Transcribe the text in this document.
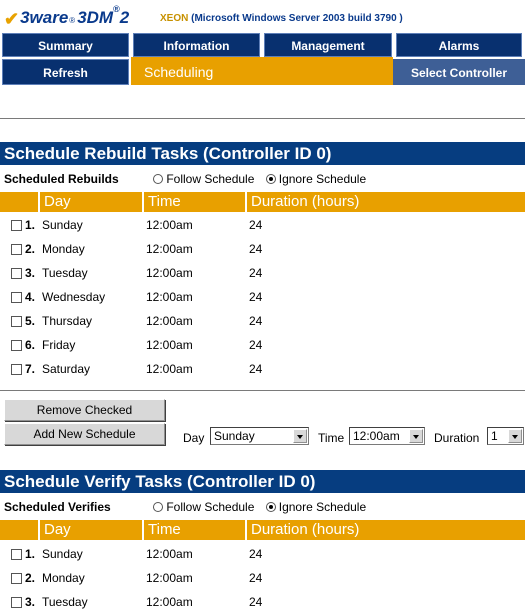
✔ 3ware ® 3DM ® 2	XEON (Microsoft Windows Server 2003 build 3790 )
Summary	Information	Management	Alarms
Refresh	Scheduling	Select Controller
Schedule Rebuild Tasks (Controller ID 0)
Scheduled Rebuilds	Follow Schedule Ignore Schedule
Day	Time	Duration (hours)
1. Sunday	12:00am	24
2. Monday	12:00am	24
3. Tuesday	12:00am	24
4. Wednesday	12:00am	24
5. Thursday	12:00am	24
6. Friday	12:00am	24
7. Saturday	12:00am	24
Remove Checked
Add New Schedule	Day Sunday	Time 12:00am	Duration 1
Schedule Verify Tasks (Controller ID 0)
Scheduled Verifies	Follow Schedule Ignore Schedule
Day	Time	Duration (hours)
1. Sunday	12:00am	24
2. Monday	12:00am	24
3. Tuesday	12:00am	24
